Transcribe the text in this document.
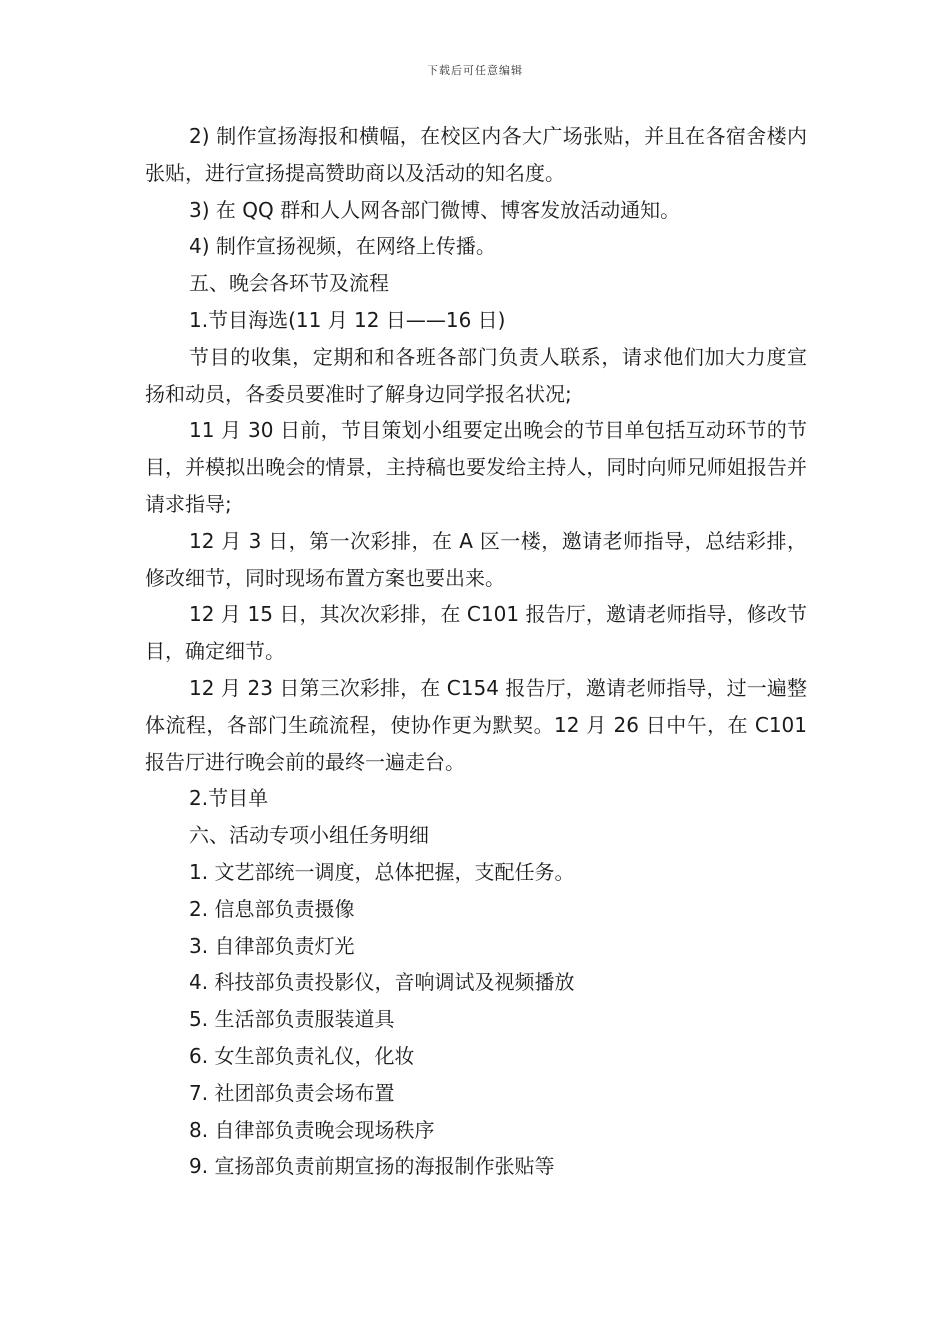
下载后可任意编辑

2) 制作宣扬海报和横幅，在校区内各大广场张贴，并且在各宿舍楼内张贴，进行宣扬提高赞助商以及活动的知名度。

3) 在 QQ 群和人人网各部门微博、博客发放活动通知。

4) 制作宣扬视频，在网络上传播。

五、晚会各环节及流程

1.节目海选(11 月 12 日——16 日)

节目的收集，定期和和各班各部门负责人联系，请求他们加大力度宣扬和动员，各委员要准时了解身边同学报名状况;

11 月 30 日前，节目策划小组要定出晚会的节目单包括互动环节的节目，并模拟出晚会的情景，主持稿也要发给主持人，同时向师兄师姐报告并请求指导;

12 月 3 日，第一次彩排，在 A 区一楼，邀请老师指导，总结彩排，修改细节，同时现场布置方案也要出来。

12 月 15 日，其次次彩排，在 C101 报告厅，邀请老师指导，修改节目，确定细节。

12 月 23 日第三次彩排，在 C154 报告厅，邀请老师指导，过一遍整体流程，各部门生疏流程，使协作更为默契。12 月 26 日中午，在 C101 报告厅进行晚会前的最终一遍走台。

2.节目单

六、活动专项小组任务明细

1. 文艺部统一调度，总体把握，支配任务。

2. 信息部负责摄像

3. 自律部负责灯光

4. 科技部负责投影仪，音响调试及视频播放

5. 生活部负责服装道具

6. 女生部负责礼仪，化妆

7. 社团部负责会场布置

8. 自律部负责晚会现场秩序

9. 宣扬部负责前期宣扬的海报制作张贴等
